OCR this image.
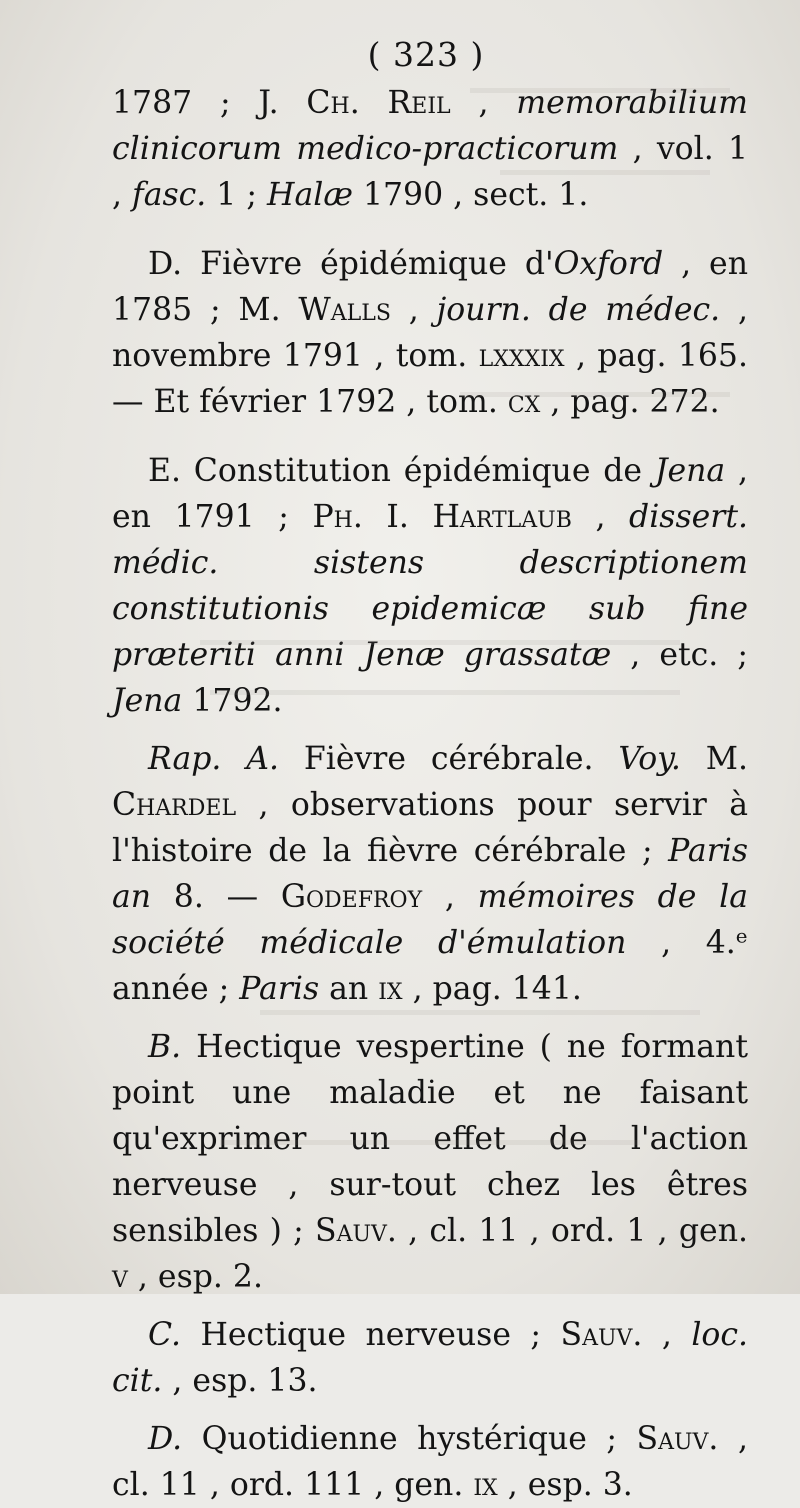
( 323 )

1787 ; J. Ch. Reil , memorabilium clinicorum medico-practicorum , vol. 1 , fasc. 1 ; Halæ 1790 , sect. 1.

D. Fièvre épidémique d'Oxford , en 1785 ; M. Walls , journ. de médec. , novembre 1791 , tom. lxxxix , pag. 165. — Et février 1792 , tom. cx , pag. 272.

E. Constitution épidémique de Jena , en 1791 ; Ph. I. Hartlaub , dissert. médic. sistens descriptionem constitutionis epidemicæ sub fine præteriti anni Jenæ grassatæ , etc. ; Jena 1792.

Rap. A. Fièvre cérébrale. Voy. M. Chardel , observations pour servir à l'histoire de la fièvre cérébrale ; Paris an 8. — Godefroy , mémoires de la société médicale d'émulation , 4.ᵉ année ; Paris an ix , pag. 141.

B. Hectique vespertine ( ne formant point une maladie et ne faisant qu'exprimer un effet de l'action nerveuse , sur-tout chez les êtres sensibles ) ; Sauv. , cl. 11 , ord. 1 , gen. v , esp. 2.

C. Hectique nerveuse ; Sauv. , loc. cit. , esp. 13.

D. Quotidienne hystérique ; Sauv. , cl. 11 , ord. 111 , gen. ix , esp. 3.
